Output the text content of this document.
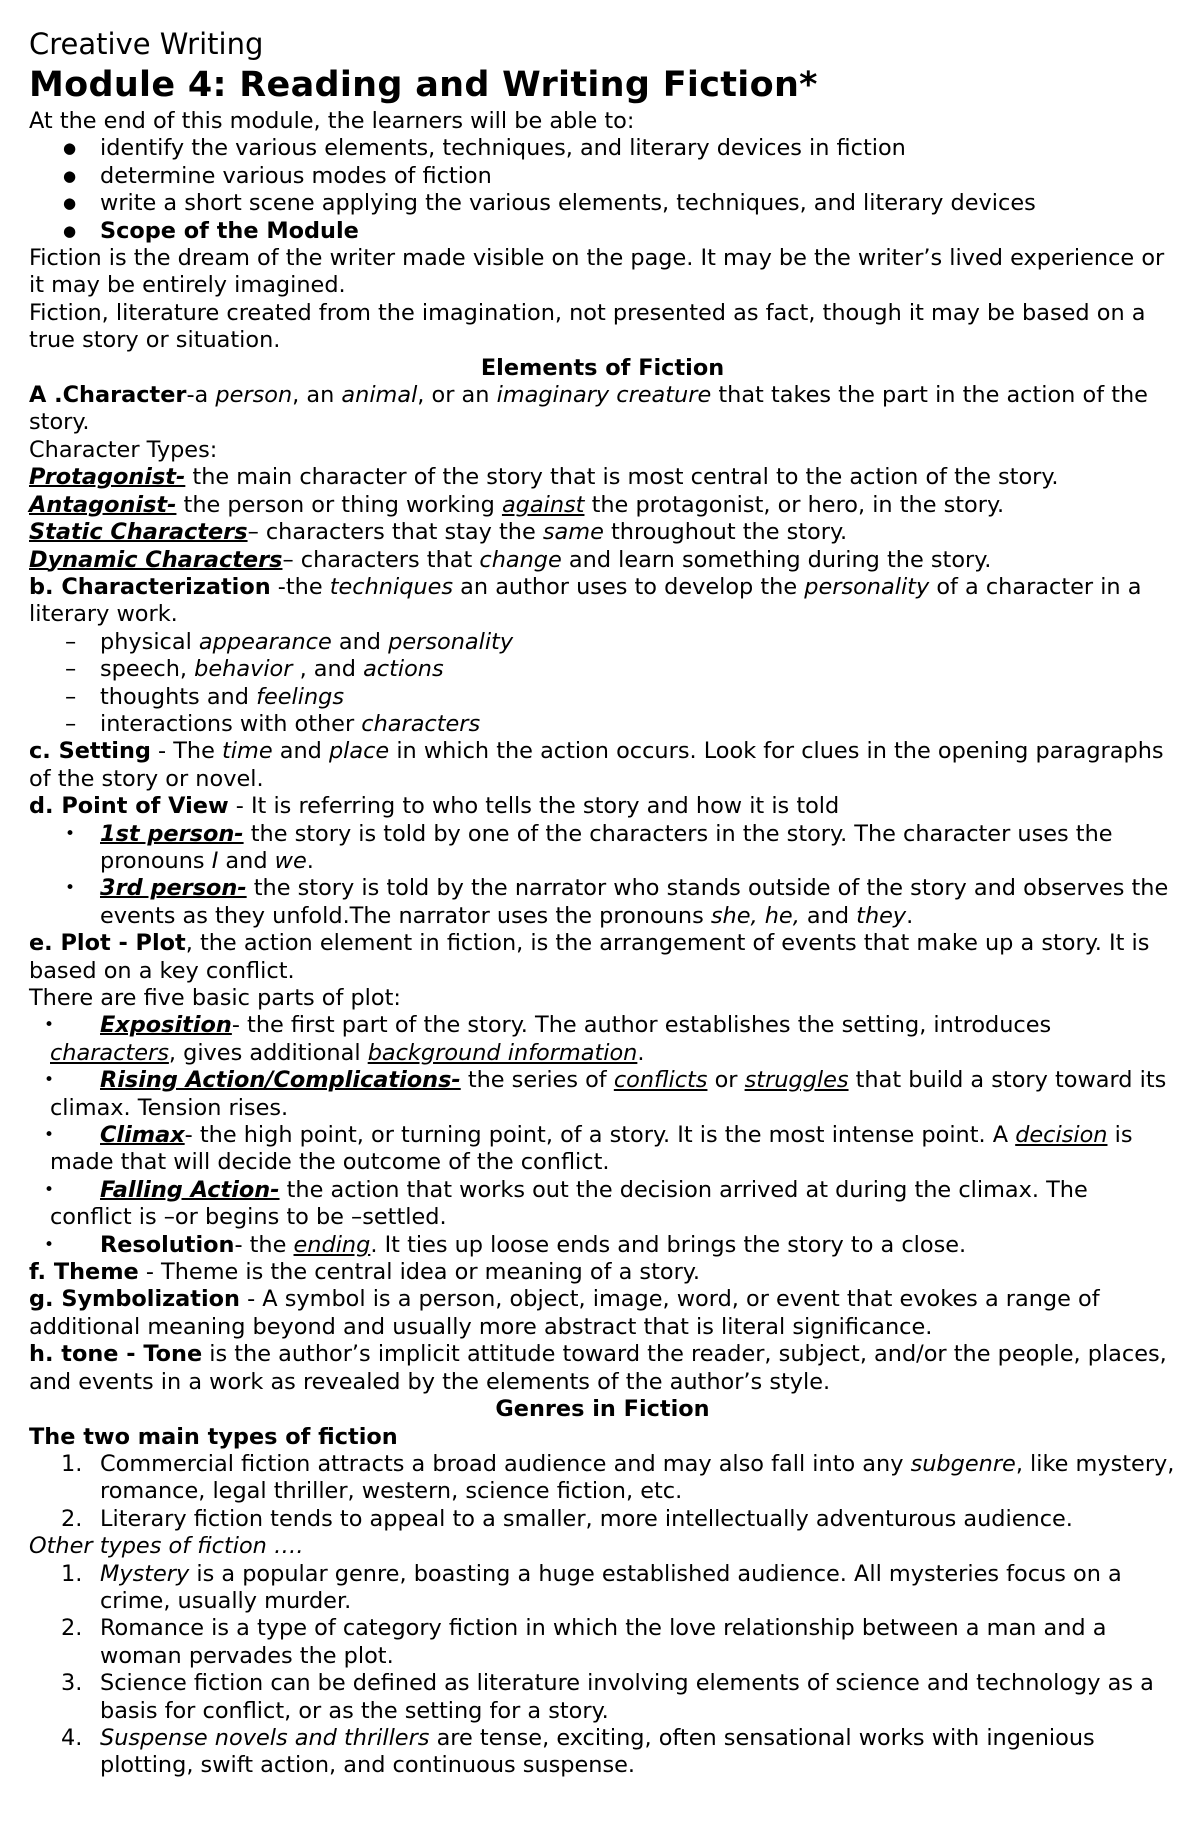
Creative Writing
Module 4: Reading and Writing Fiction*

At the end of this module, the learners will be able to:

● identify the various elements, techniques, and literary devices in fiction
● determine various modes of fiction
● write a short scene applying the various elements, techniques, and literary devices
● Scope of the Module

Fiction is the dream of the writer made visible on the page. It may be the writer’s lived experience or it may be entirely imagined.

Fiction, literature created from the imagination, not presented as fact, though it may be based on a true story or situation.

Elements of Fiction

A .Character-a person, an animal, or an imaginary creature that takes the part in the action of the story.

Character Types:

Protagonist- the main character of the story that is most central to the action of the story.

Antagonist- the person or thing working against the protagonist, or hero, in the story.

Static Characters– characters that stay the same throughout the story.

Dynamic Characters– characters that change and learn something during the story.

b. Characterization -the techniques an author uses to develop the personality of a character in a literary work.

– physical appearance and personality
– speech, behavior , and actions
– thoughts and feelings
– interactions with other characters

c. Setting - The time and place in which the action occurs. Look for clues in the opening paragraphs of the story or novel.

d. Point of View - It is referring to who tells the story and how it is told

• 1st person- the story is told by one of the characters in the story. The character uses the pronouns I and we.
• 3rd person- the story is told by the narrator who stands outside of the story and observes the events as they unfold.The narrator uses the pronouns she, he, and they.

e. Plot - Plot, the action element in fiction, is the arrangement of events that make up a story. It is based on a key conflict.

There are five basic parts of plot:

• Exposition- the first part of the story. The author establishes the setting, introduces characters, gives additional background information.
• Rising Action/Complications- the series of conflicts or struggles that build a story toward its climax. Tension rises.
• Climax- the high point, or turning point, of a story. It is the most intense point. A decision is made that will decide the outcome of the conflict.
• Falling Action- the action that works out the decision arrived at during the climax. The conflict is –or begins to be –settled.
• Resolution- the ending. It ties up loose ends and brings the story to a close.

f. Theme - Theme is the central idea or meaning of a story.

g. Symbolization - A symbol is a person, object, image, word, or event that evokes a range of additional meaning beyond and usually more abstract that is literal significance.

h. tone - Tone is the author’s implicit attitude toward the reader, subject, and/or the people, places, and events in a work as revealed by the elements of the author’s style.

Genres in Fiction

The two main types of fiction

1. Commercial fiction attracts a broad audience and may also fall into any subgenre, like mystery, romance, legal thriller, western, science fiction, etc.
2. Literary fiction tends to appeal to a smaller, more intellectually adventurous audience.

Other types of fiction ….

1. Mystery is a popular genre, boasting a huge established audience. All mysteries focus on a crime, usually murder.
2. Romance is a type of category fiction in which the love relationship between a man and a woman pervades the plot.
3. Science fiction can be defined as literature involving elements of science and technology as a basis for conflict, or as the setting for a story.
4. Suspense novels and thrillers are tense, exciting, often sensational works with ingenious plotting, swift action, and continuous suspense.
